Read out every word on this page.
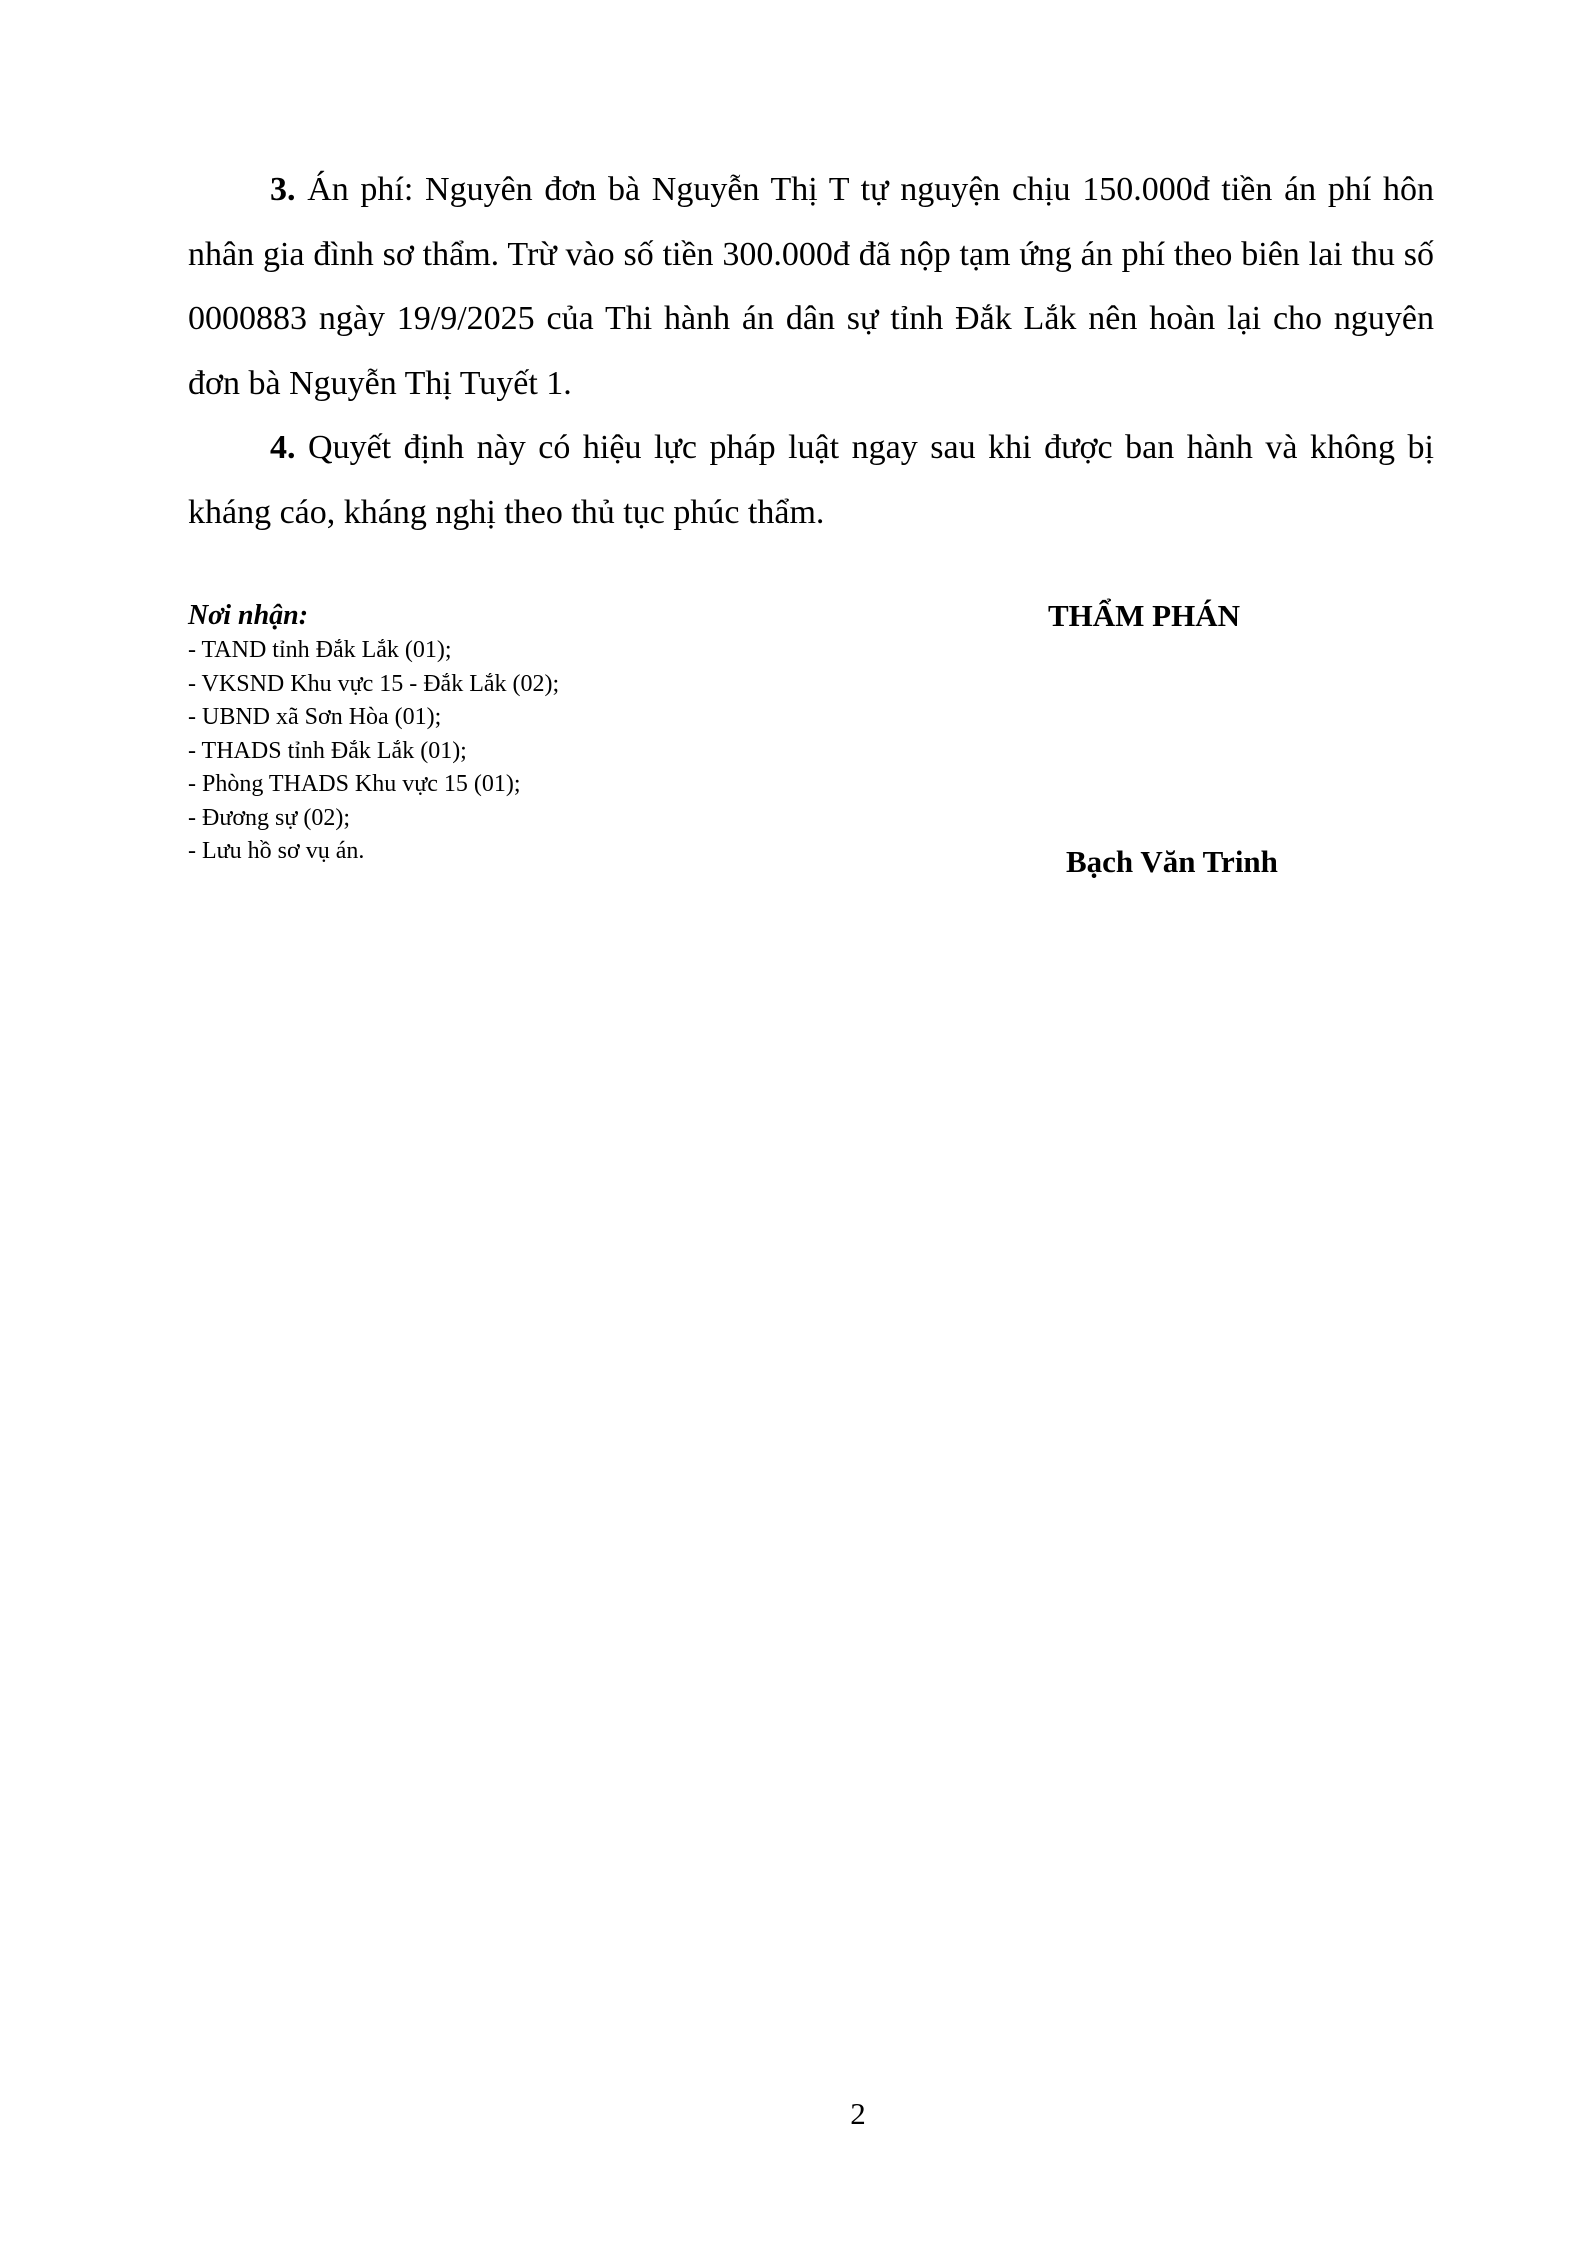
3. Án phí: Nguyên đơn bà Nguyễn Thị T tự nguyện chịu 150.000đ tiền án phí hôn nhân gia đình sơ thẩm. Trừ vào số tiền 300.000đ đã nộp tạm ứng án phí theo biên lai thu số 0000883 ngày 19/9/2025 của Thi hành án dân sự tỉnh Đắk Lắk nên hoàn lại cho nguyên đơn bà Nguyễn Thị Tuyết 1.

4. Quyết định này có hiệu lực pháp luật ngay sau khi được ban hành và không bị kháng cáo, kháng nghị theo thủ tục phúc thẩm.

Nơi nhận:
- TAND tỉnh Đắk Lắk (01);
- VKSND Khu vực 15 - Đắk Lắk (02);
- UBND xã Sơn Hòa (01);
- THADS tỉnh Đắk Lắk (01);
- Phòng THADS Khu vực 15 (01);
- Đương sự (02);
- Lưu hồ sơ vụ án.
THẨM PHÁN
Bạch Văn Trinh
2
